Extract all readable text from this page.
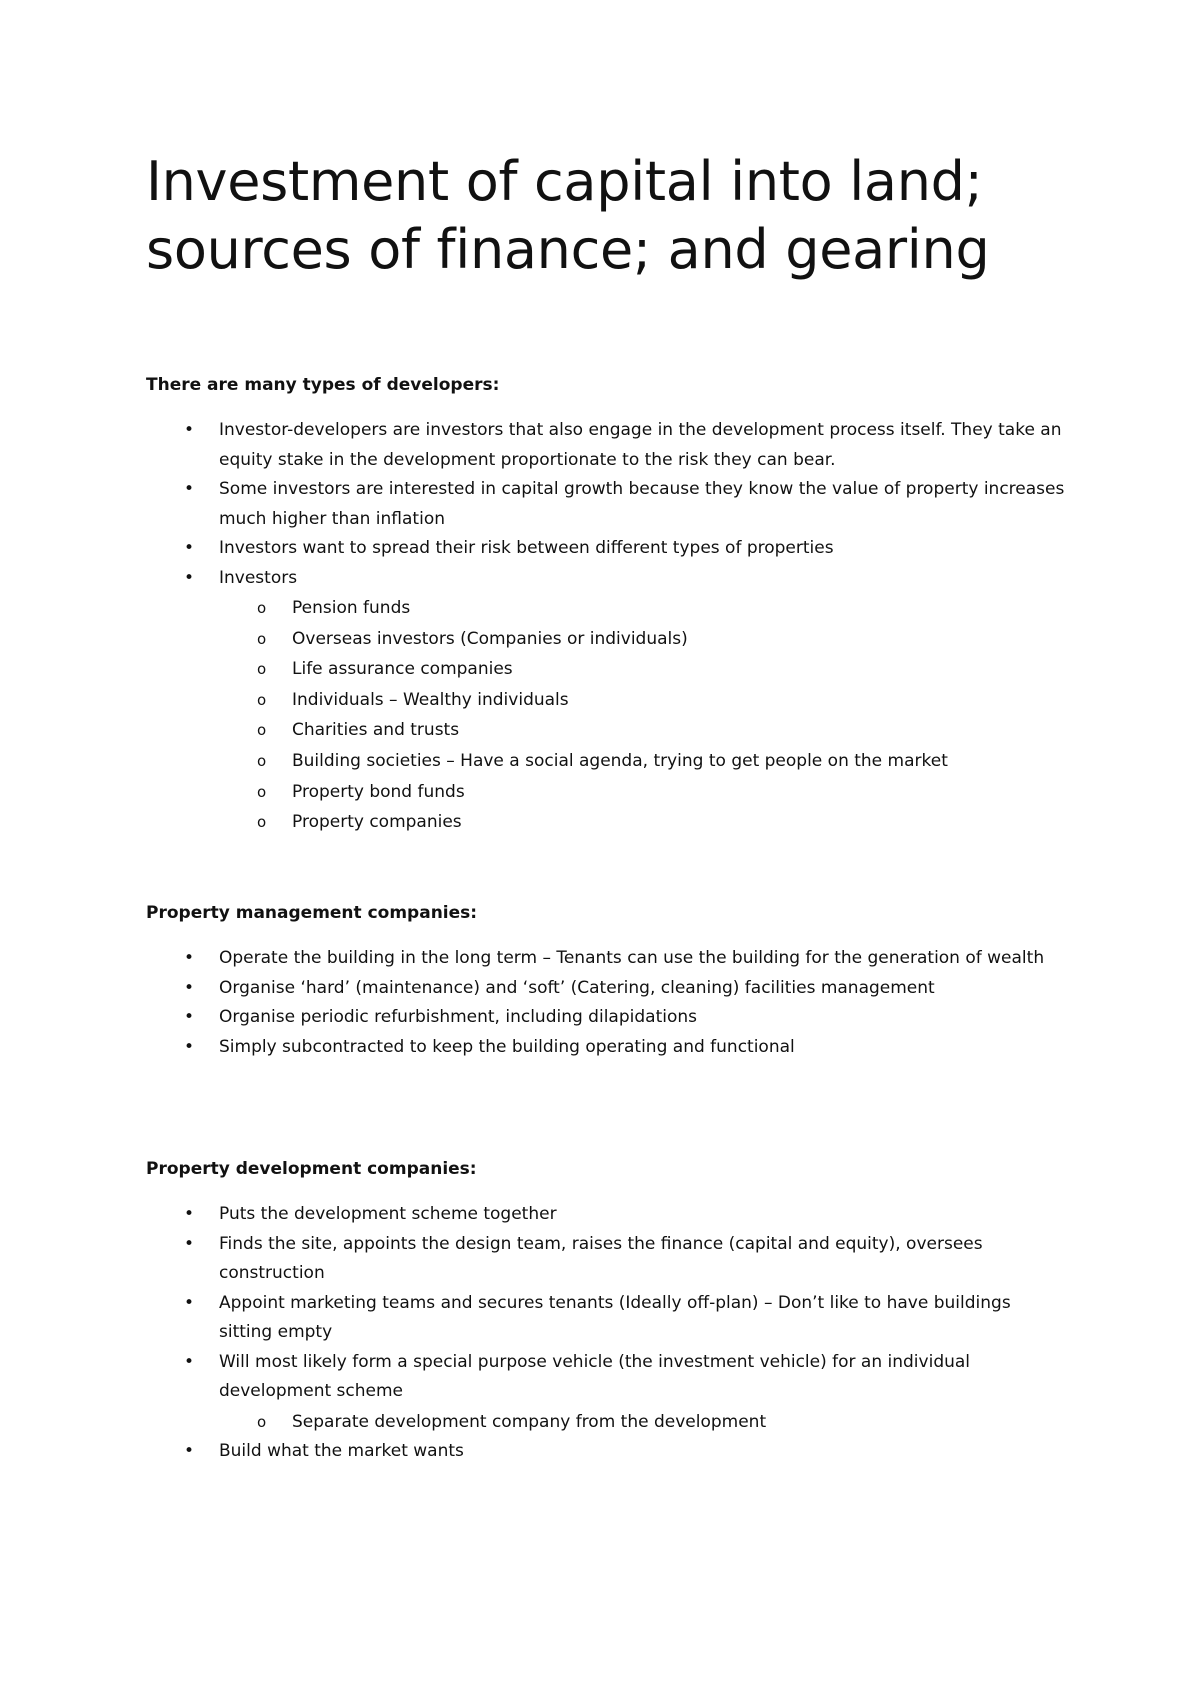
Investment of capital into land; sources of finance; and gearing

There are many types of developers:

• Investor-developers are investors that also engage in the development process itself. They take an equity stake in the development proportionate to the risk they can bear.
• Some investors are interested in capital growth because they know the value of property increases much higher than inflation
• Investors want to spread their risk between different types of properties
• Investors
o Pension funds
o Overseas investors (Companies or individuals)
o Life assurance companies
o Individuals – Wealthy individuals
o Charities and trusts
o Building societies – Have a social agenda, trying to get people on the market
o Property bond funds
o Property companies

Property management companies:

• Operate the building in the long term – Tenants can use the building for the generation of wealth
• Organise ‘hard’ (maintenance) and ‘soft’ (Catering, cleaning) facilities management
• Organise periodic refurbishment, including dilapidations
• Simply subcontracted to keep the building operating and functional

Property development companies:

• Puts the development scheme together
• Finds the site, appoints the design team, raises the finance (capital and equity), oversees construction
• Appoint marketing teams and secures tenants (Ideally off-plan) – Don’t like to have buildings sitting empty
• Will most likely form a special purpose vehicle (the investment vehicle) for an individual development scheme
o Separate development company from the development
• Build what the market wants
